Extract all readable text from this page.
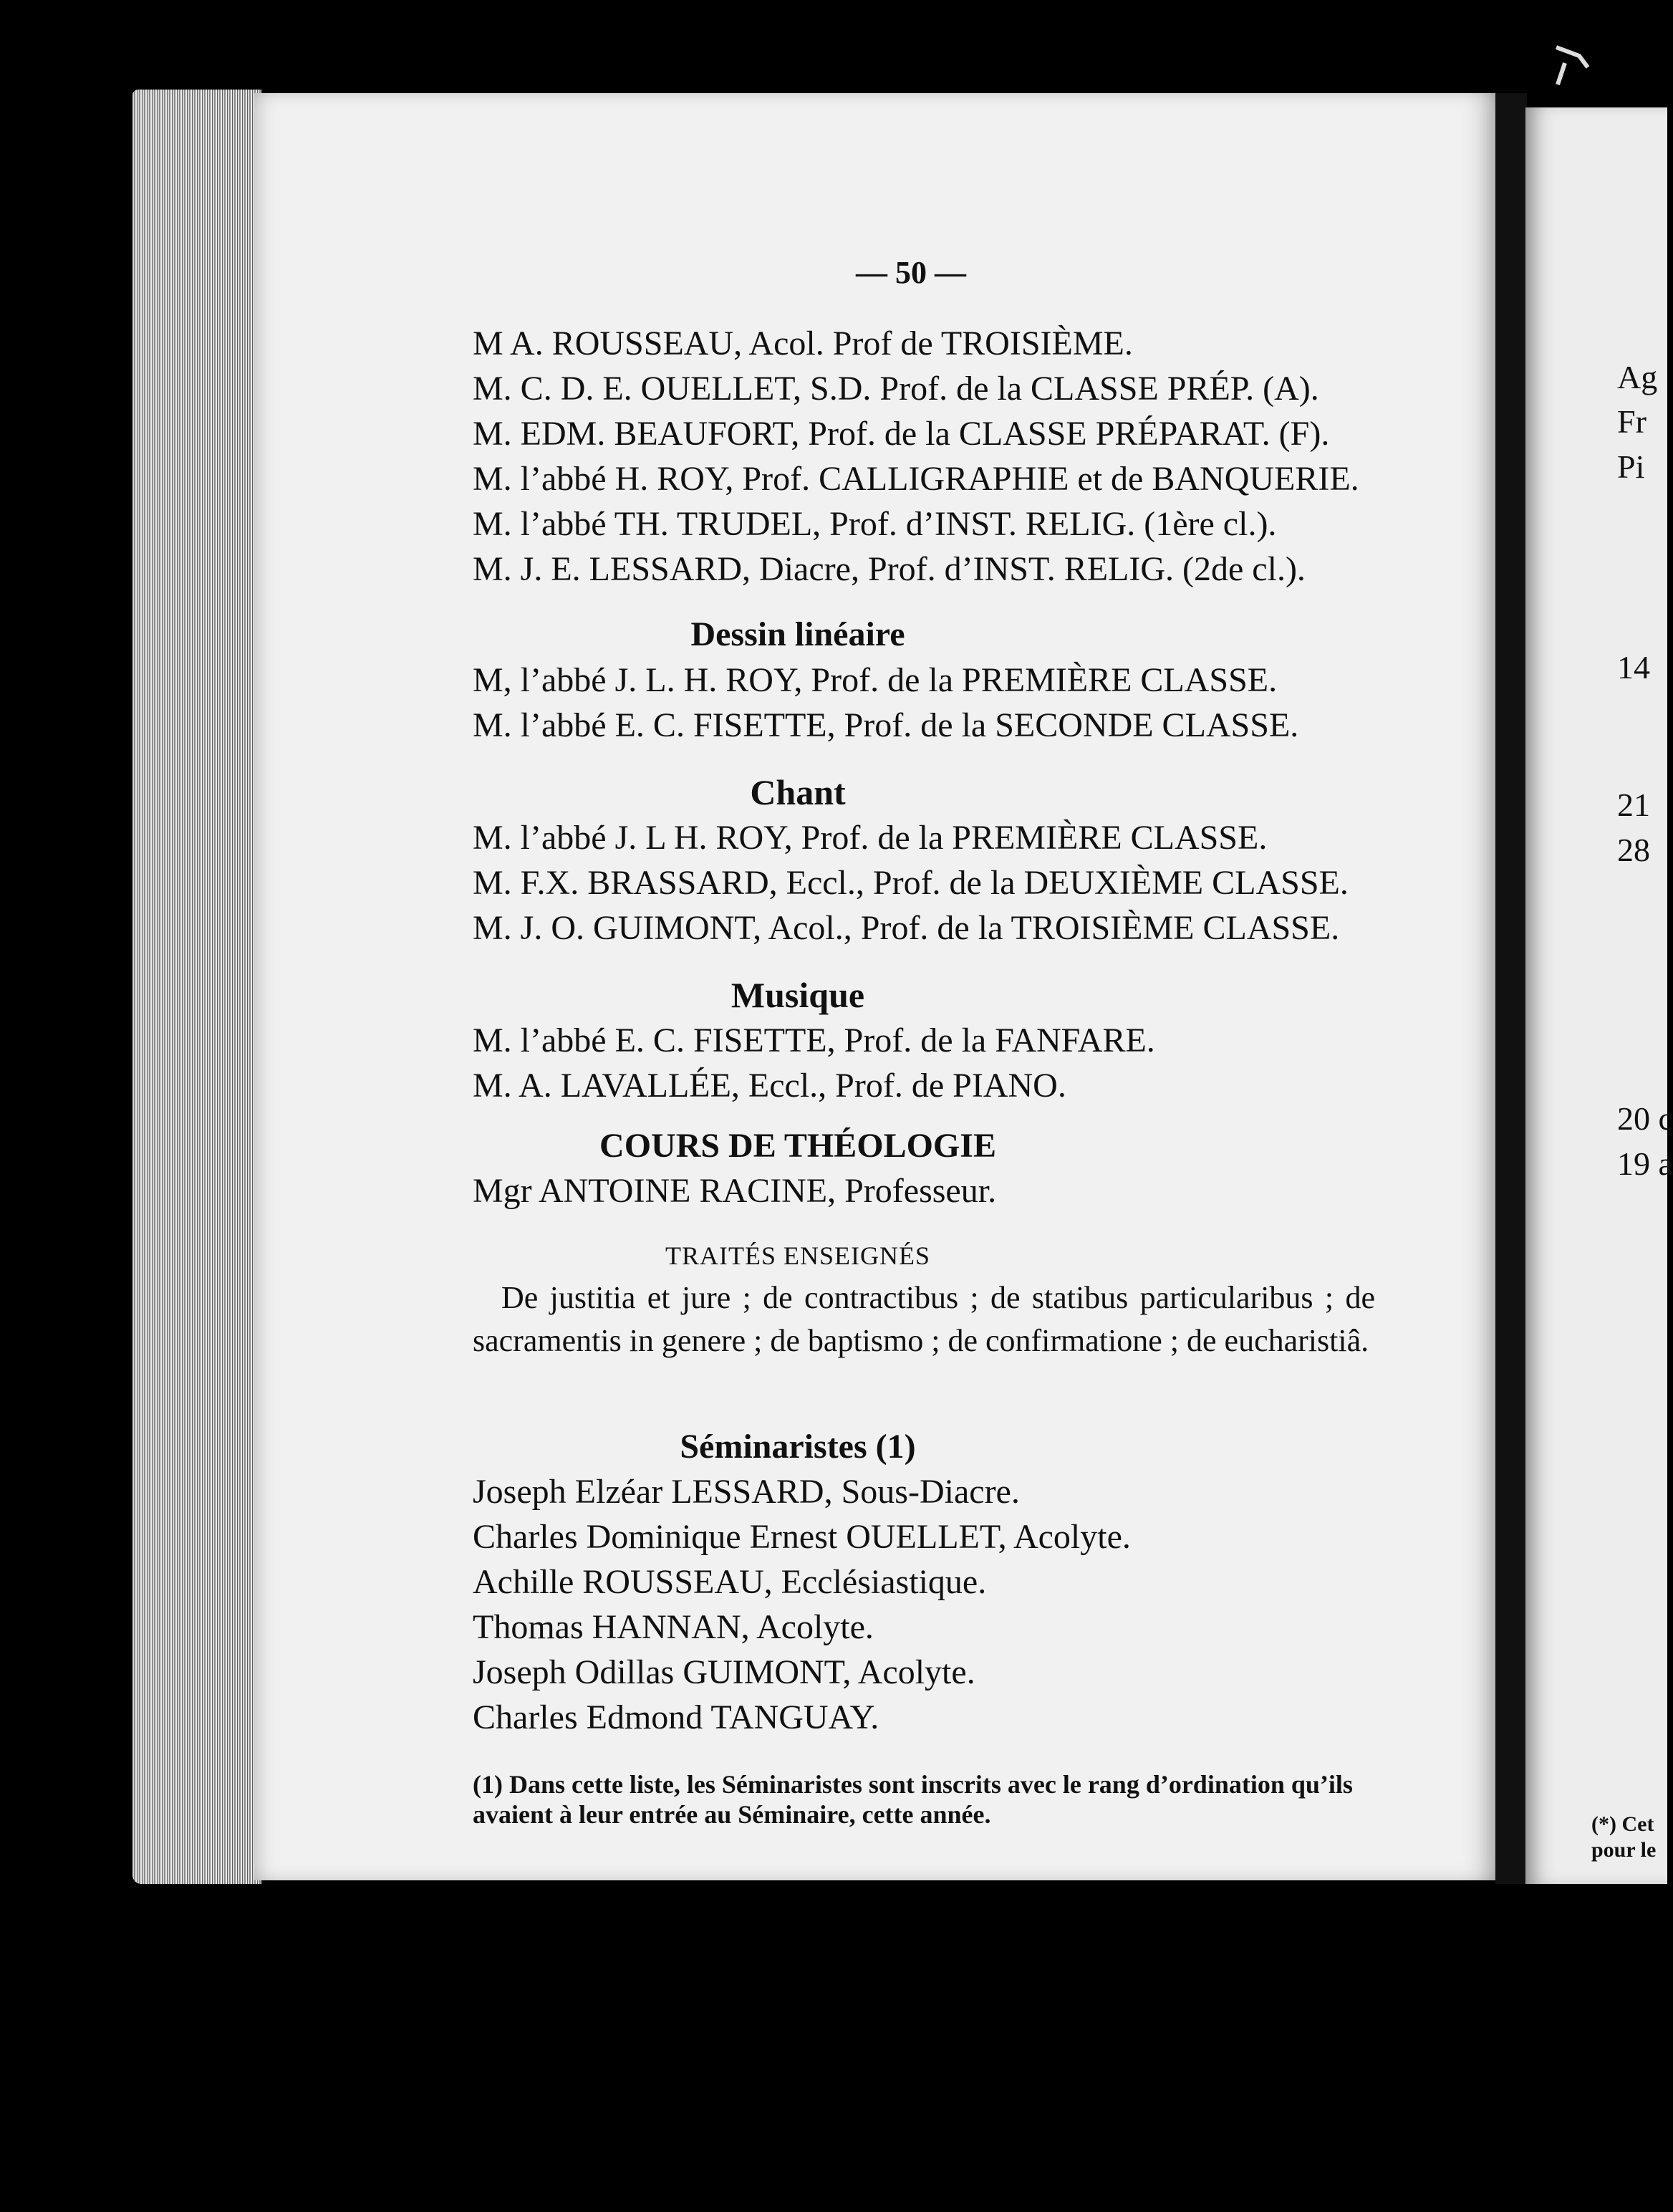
— 50 —
M A. ROUSSEAU, Acol. Prof de TROISIÈME.
M. C. D. E. OUELLET, S.D. Prof. de la CLASSE PRÉP. (A).
M. EDM. BEAUFORT, Prof. de la CLASSE PRÉPARAT. (F).
M. l’abbé H. ROY, Prof. CALLIGRAPHIE et de BANQUERIE.
M. l’abbé TH. TRUDEL, Prof. d’INST. RELIG. (1ère cl.).
M. J. E. LESSARD, Diacre, Prof. d’INST. RELIG. (2de cl.).
Dessin linéaire
M, l’abbé J. L. H. ROY, Prof. de la PREMIÈRE CLASSE.
M. l’abbé E. C. FISETTE, Prof. de la SECONDE CLASSE.
Chant
M. l’abbé J. L H. ROY, Prof. de la PREMIÈRE CLASSE.
M. F.X. BRASSARD, Eccl., Prof. de la DEUXIÈME CLASSE.
M. J. O. GUIMONT, Acol., Prof. de la TROISIÈME CLASSE.
Musique
M. l’abbé E. C. FISETTE, Prof. de la FANFARE.
M. A. LAVALLÉE, Eccl., Prof. de PIANO.
COURS DE THÉOLOGIE
Mgr ANTOINE RACINE, Professeur.
TRAITÉS ENSEIGNÉS
De justitia et jure ; de contractibus ; de statibus particularibus ; de sacramentis in genere ; de baptismo ; de confirmatione ; de eucharistiâ.
Séminaristes (1)
Joseph Elzéar LESSARD, Sous-Diacre.
Charles Dominique Ernest OUELLET, Acolyte.
Achille ROUSSEAU, Ecclésiastique.
Thomas HANNAN, Acolyte.
Joseph Odillas GUIMONT, Acolyte.
Charles Edmond TANGUAY.
(1) Dans cette liste, les Séminaristes sont inscrits avec le rang d’ordination qu’ils avaient à leur entrée au Séminaire, cette année.
Ag
Fr
Pi
14
21
28
20 c
19 a
(*) Cet
pour le
